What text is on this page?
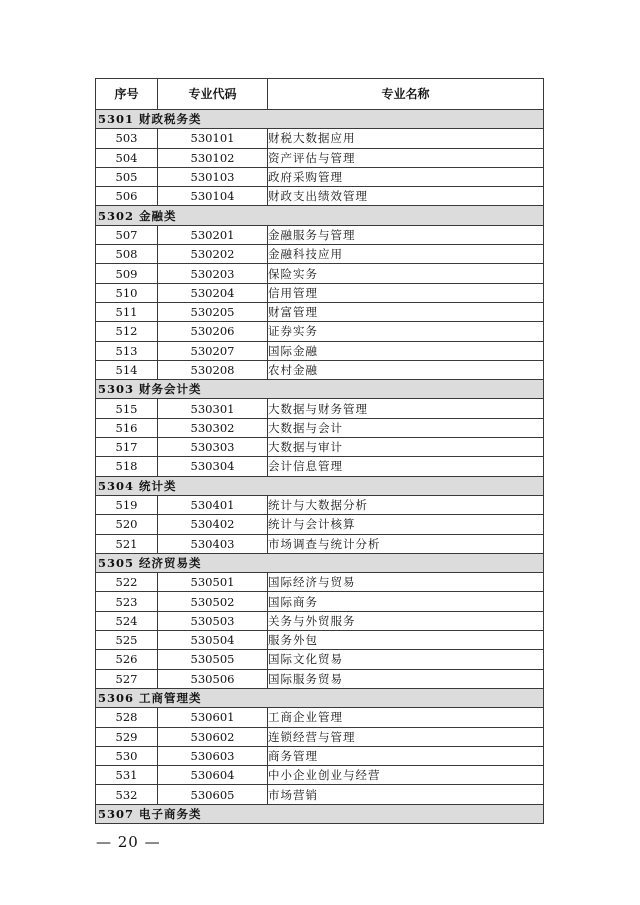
序号	专业代码	专业名称
5301 财政税务类		
503	530101	财税大数据应用
504	530102	资产评估与管理
505	530103	政府采购管理
506	530104	财政支出绩效管理
5302 金融类		
507	530201	金融服务与管理
508	530202	金融科技应用
509	530203	保险实务
510	530204	信用管理
511	530205	财富管理
512	530206	证券实务
513	530207	国际金融
514	530208	农村金融
5303 财务会计类		
515	530301	大数据与财务管理
516	530302	大数据与会计
517	530303	大数据与审计
518	530304	会计信息管理
5304 统计类		
519	530401	统计与大数据分析
520	530402	统计与会计核算
521	530403	市场调查与统计分析
5305 经济贸易类		
522	530501	国际经济与贸易
523	530502	国际商务
524	530503	关务与外贸服务
525	530504	服务外包
526	530505	国际文化贸易
527	530506	国际服务贸易
5306 工商管理类		
528	530601	工商企业管理
529	530602	连锁经营与管理
530	530603	商务管理
531	530604	中小企业创业与经营
532	530605	市场营销
5307 电子商务类		
— 20 —
